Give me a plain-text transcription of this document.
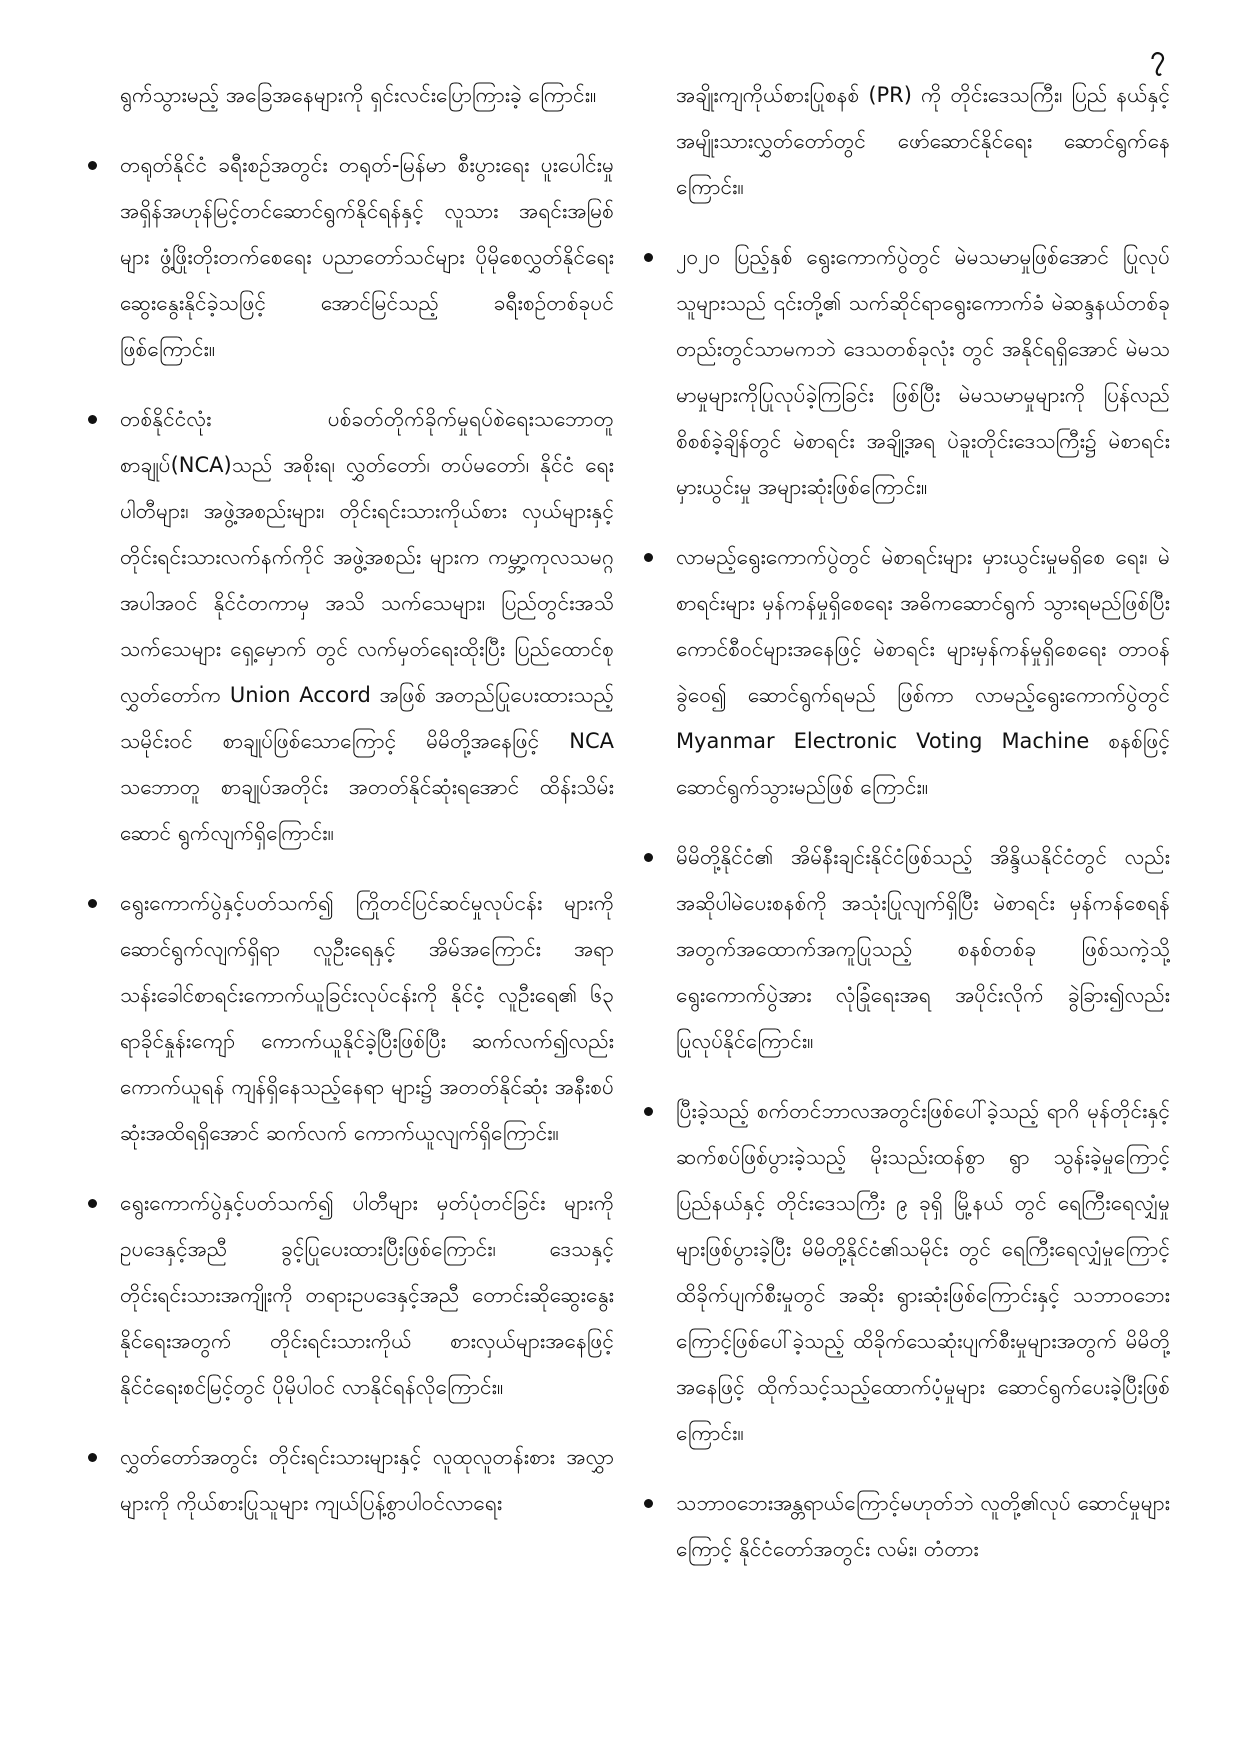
၇

ရွက်သွားမည့် အခြေအနေများကို ရှင်းလင်းပြောကြားခဲ့ ကြောင်း။

တရုတ်နိုင်ငံ ခရီးစဉ်အတွင်း တရုတ်-မြန်မာ စီးပွားရေး ပူးပေါင်းမှု အရှိန်အဟုန်မြင့်တင်ဆောင်ရွက်နိုင်ရန်နှင့် လူသား အရင်းအမြစ်များ ဖွံ့ဖြိုးတိုးတက်စေရေး ပညာတော်သင်များ ပိုမိုစေလွှတ်နိုင်ရေး ဆွေးနွေးနိုင်ခဲ့သဖြင့် အောင်မြင်သည့် ခရီးစဉ်တစ်ခုပင် ဖြစ်ကြောင်း။

တစ်နိုင်ငံလုံး ပစ်ခတ်တိုက်ခိုက်မှုရပ်စဲရေးသဘောတူ စာချုပ်(NCA)သည် အစိုးရ၊ လွှတ်တော်၊ တပ်မတော်၊ နိုင်ငံ ရေးပါတီများ၊ အဖွဲ့အစည်းများ၊ တိုင်းရင်းသားကိုယ်စား လှယ်များနှင့် တိုင်းရင်းသားလက်နက်ကိုင် အဖွဲ့အစည်း များက ကမ္ဘာ့ကုလသမဂ္ဂအပါအဝင် နိုင်ငံတကာမှ အသိ သက်သေများ၊ ပြည်တွင်းအသိသက်သေများ ရှေ့မှောက် တွင် လက်မှတ်ရေးထိုးပြီး ပြည်ထောင်စုလွှတ်တော်က Union Accord အဖြစ် အတည်ပြုပေးထားသည့် သမိုင်းဝင် စာချုပ်ဖြစ်သောကြောင့် မိမိတို့အနေဖြင့် NCA သဘောတူ စာချုပ်အတိုင်း အတတ်နိုင်ဆုံးရအောင် ထိန်းသိမ်းဆောင် ရွက်လျက်ရှိကြောင်း။

ရွေးကောက်ပွဲနှင့်ပတ်သက်၍ ကြိုတင်ပြင်ဆင်မှုလုပ်ငန်း များကိုဆောင်ရွက်လျက်ရှိရာ လူဦးရေနှင့် အိမ်အကြောင်း အရာ သန်းခေါင်စာရင်းကောက်ယူခြင်းလုပ်ငန်းကို နိုင်ငံ့ လူဦးရေ၏ ၆၃ ရာခိုင်နှုန်းကျော် ကောက်ယူနိုင်ခဲ့ပြီးဖြစ်ပြီး ဆက်လက်၍လည်း ကောက်ယူရန် ကျန်ရှိနေသည့်နေရာ များ၌ အတတ်နိုင်ဆုံး အနီးစပ်ဆုံးအထိရရှိအောင် ဆက်လက် ကောက်ယူလျက်ရှိကြောင်း။

ရွေးကောက်ပွဲနှင့်ပတ်သက်၍ ပါတီများ မှတ်ပုံတင်ခြင်း များကို ဥပဒေနှင့်အညီ ခွင့်ပြုပေးထားပြီးဖြစ်ကြောင်း၊ ဒေသနှင့် တိုင်းရင်းသားအကျိုးကို တရားဥပဒေနှင့်အညီ တောင်းဆိုဆွေးနွေးနိုင်ရေးအတွက် တိုင်းရင်းသားကိုယ် စားလှယ်များအနေဖြင့် နိုင်ငံရေးစင်မြင့်တွင် ပိုမိုပါဝင် လာနိုင်ရန်လိုကြောင်း။

လွှတ်တော်အတွင်း တိုင်းရင်းသားများနှင့် လူထုလူတန်းစား အလွှာများကို ကိုယ်စားပြုသူများ ကျယ်ပြန့်စွာပါဝင်လာရေး

အချိုးကျကိုယ်စားပြုစနစ် (PR) ကို တိုင်းဒေသကြီး၊ ပြည် နယ်နှင့် အမျိုးသားလွှတ်တော်တွင် ဖော်ဆောင်နိုင်ရေး ဆောင်ရွက်နေကြောင်း။

၂၀၂၀ ပြည့်နှစ် ရွေးကောက်ပွဲတွင် မဲမသမာမှုဖြစ်အောင် ပြုလုပ်သူများသည် ၎င်းတို့၏ သက်ဆိုင်ရာရွေးကောက်ခံ မဲဆန္ဒနယ်တစ်ခုတည်းတွင်သာမကဘဲ ဒေသတစ်ခုလုံး တွင် အနိုင်ရရှိအောင် မဲမသမာမှုများကိုပြုလုပ်ခဲ့ကြခြင်း ဖြစ်ပြီး မဲမသမာမှုများကို ပြန်လည်စိစစ်ခဲ့ချိန်တွင် မဲစာရင်း အချို့အရ ပဲခူးတိုင်းဒေသကြီး၌ မဲစာရင်းမှားယွင်းမှု အများဆုံးဖြစ်ကြောင်း။

လာမည့်ရွေးကောက်ပွဲတွင် မဲစာရင်းများ မှားယွင်းမှုမရှိစေ ရေး၊ မဲစာရင်းများ မှန်ကန်မှုရှိစေရေး အဓိကဆောင်ရွက် သွားရမည်ဖြစ်ပြီး ကောင်စီဝင်များအနေဖြင့် မဲစာရင်း များမှန်ကန်မှုရှိစေရေး တာဝန်ခွဲဝေ၍ ဆောင်ရွက်ရမည် ဖြစ်ကာ လာမည့်ရွေးကောက်ပွဲတွင် Myanmar Electronic Voting Machine စနစ်ဖြင့် ဆောင်ရွက်သွားမည်ဖြစ် ကြောင်း။

မိမိတို့နိုင်ငံ၏ အိမ်နီးချင်းနိုင်ငံဖြစ်သည့် အိန္ဒိယနိုင်ငံတွင် လည်း အဆိုပါမဲပေးစနစ်ကို အသုံးပြုလျက်ရှိပြီး မဲစာရင်း မှန်ကန်စေရန်အတွက်အထောက်အကူပြုသည့် စနစ်တစ်ခု ဖြစ်သကဲ့သို့ ရွေးကောက်ပွဲအား လုံခြုံရေးအရ အပိုင်းလိုက် ခွဲခြား၍လည်း ပြုလုပ်နိုင်ကြောင်း။

ပြီးခဲ့သည့် စက်တင်ဘာလအတွင်းဖြစ်ပေါ်ခဲ့သည့် ရာဂိ မုန်တိုင်းနှင့် ဆက်စပ်ဖြစ်ပွားခဲ့သည့် မိုးသည်းထန်စွာ ရွာ သွန်းခဲ့မှုကြောင့် ပြည်နယ်နှင့် တိုင်းဒေသကြီး ၉ ခုရှိ မြို့နယ် တွင် ရေကြီးရေလျှံမှုများဖြစ်ပွားခဲ့ပြီး မိမိတို့နိုင်ငံ၏သမိုင်း တွင် ရေကြီးရေလျှံမှုကြောင့် ထိခိုက်ပျက်စီးမှုတွင် အဆိုး ရွားဆုံးဖြစ်ကြောင်းနှင့် သဘာဝဘေးကြောင့်ဖြစ်ပေါ်ခဲ့သည့် ထိခိုက်သေဆုံးပျက်စီးမှုများအတွက် မိမိတို့အနေဖြင့် ထိုက်သင့်သည့်ထောက်ပံ့မှုများ ဆောင်ရွက်ပေးခဲ့ပြီးဖြစ် ကြောင်း။

သဘာဝဘေးအန္တရာယ်ကြောင့်မဟုတ်ဘဲ လူတို့၏လုပ် ဆောင်မှုများကြောင့် နိုင်ငံတော်အတွင်း လမ်း၊ တံတား
